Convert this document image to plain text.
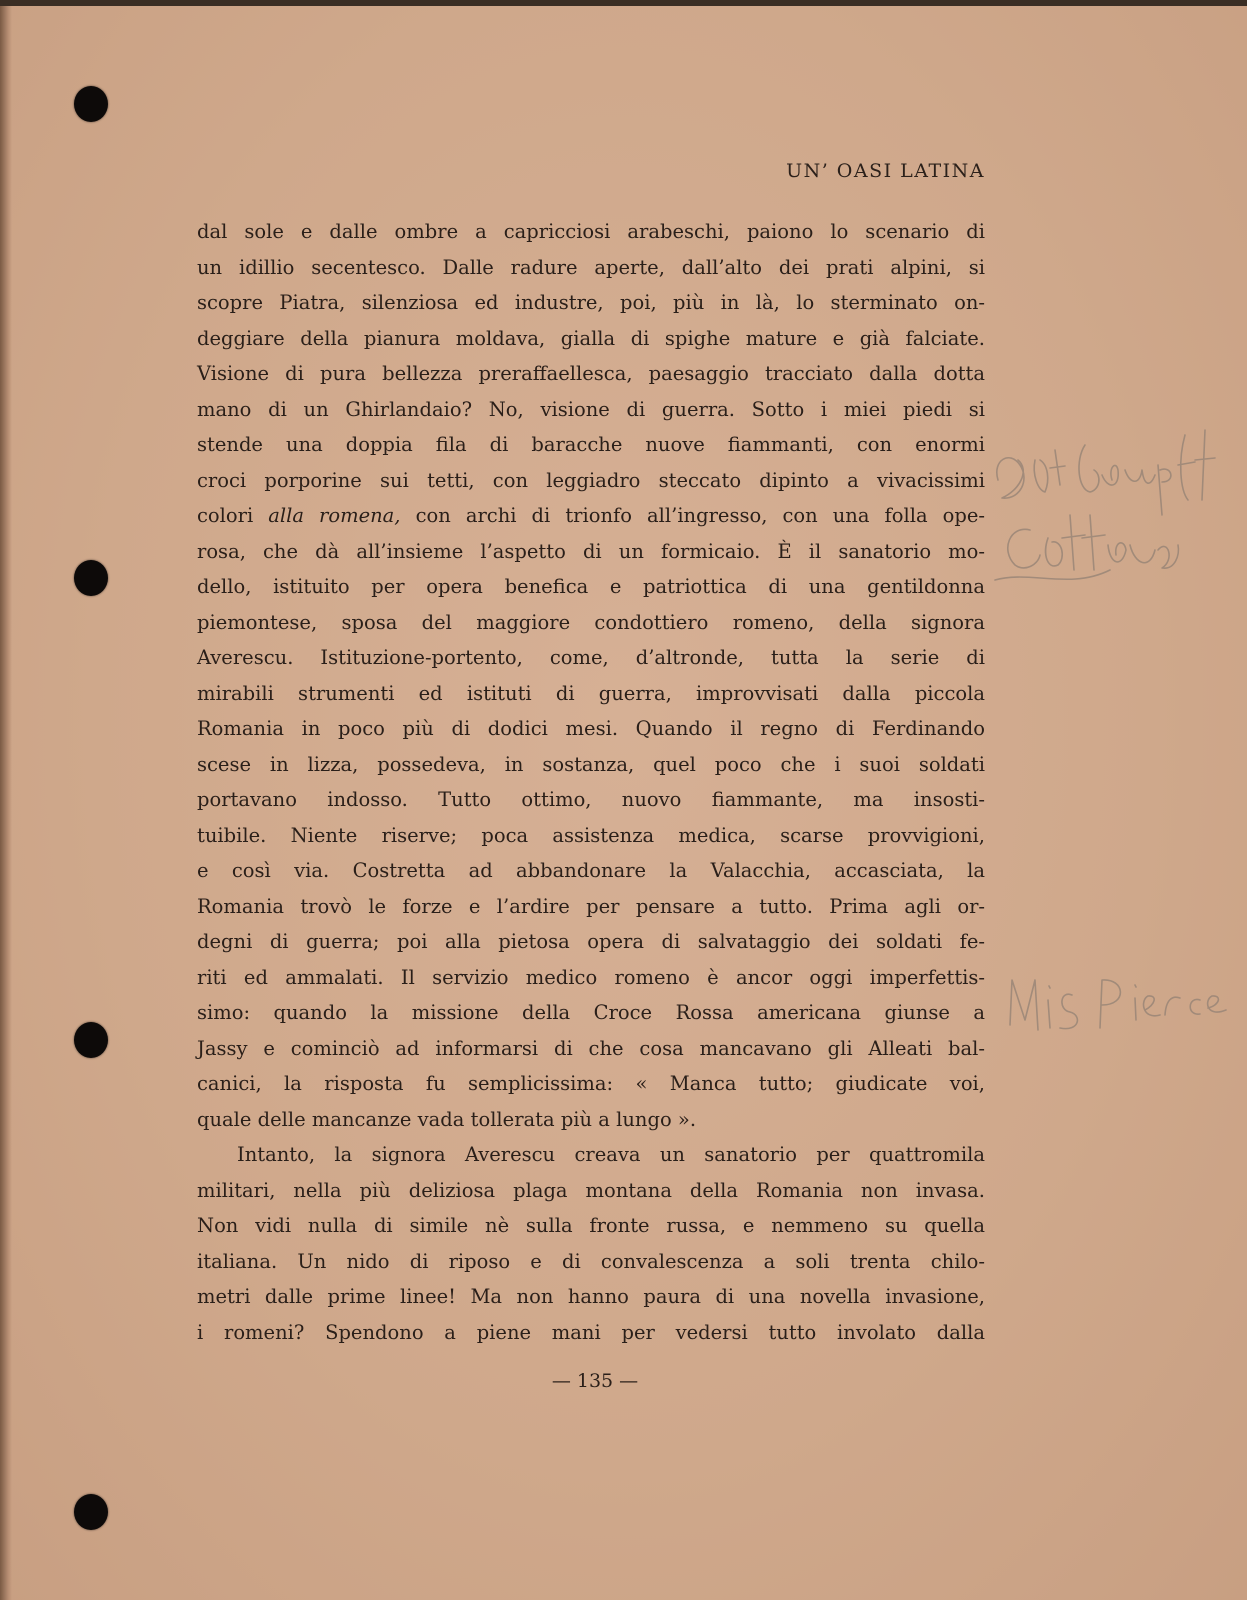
UN’ OASI LATINA
dal sole e dalle ombre a capricciosi arabeschi, paiono lo scenario di
un idillio secentesco. Dalle radure aperte, dall’alto dei prati alpini, si
scopre Piatra, silenziosa ed industre, poi, più in là, lo sterminato on-
deggiare della pianura moldava, gialla di spighe mature e già falciate.
Visione di pura bellezza preraffaellesca, paesaggio tracciato dalla dotta
mano di un Ghirlandaio? No, visione di guerra. Sotto i miei piedi si
stende una doppia fila di baracche nuove fiammanti, con enormi
croci porporine sui tetti, con leggiadro steccato dipinto a vivacissimi
colori alla romena, con archi di trionfo all’ingresso, con una folla ope-
rosa, che dà all’insieme l’aspetto di un formicaio. È il sanatorio mo-
dello, istituito per opera benefica e patriottica di una gentildonna
piemontese, sposa del maggiore condottiero romeno, della signora
Averescu. Istituzione-portento, come, d’altronde, tutta la serie di
mirabili strumenti ed istituti di guerra, improvvisati dalla piccola
Romania in poco più di dodici mesi. Quando il regno di Ferdinando
scese in lizza, possedeva, in sostanza, quel poco che i suoi soldati
portavano indosso. Tutto ottimo, nuovo fiammante, ma insosti-
tuibile. Niente riserve; poca assistenza medica, scarse provvigioni,
e così via. Costretta ad abbandonare la Valacchia, accasciata, la
Romania trovò le forze e l’ardire per pensare a tutto. Prima agli or-
degni di guerra; poi alla pietosa opera di salvataggio dei soldati fe-
riti ed ammalati. Il servizio medico romeno è ancor oggi imperfettis-
simo: quando la missione della Croce Rossa americana giunse a
Jassy e cominciò ad informarsi di che cosa mancavano gli Alleati bal-
canici, la risposta fu semplicissima: « Manca tutto; giudicate voi,
quale delle mancanze vada tollerata più a lungo ».
Intanto, la signora Averescu creava un sanatorio per quattromila
militari, nella più deliziosa plaga montana della Romania non invasa.
Non vidi nulla di simile nè sulla fronte russa, e nemmeno su quella
italiana. Un nido di riposo e di convalescenza a soli trenta chilo-
metri dalle prime linee! Ma non hanno paura di una novella invasione,
i romeni? Spendono a piene mani per vedersi tutto involato dalla
— 135 —
